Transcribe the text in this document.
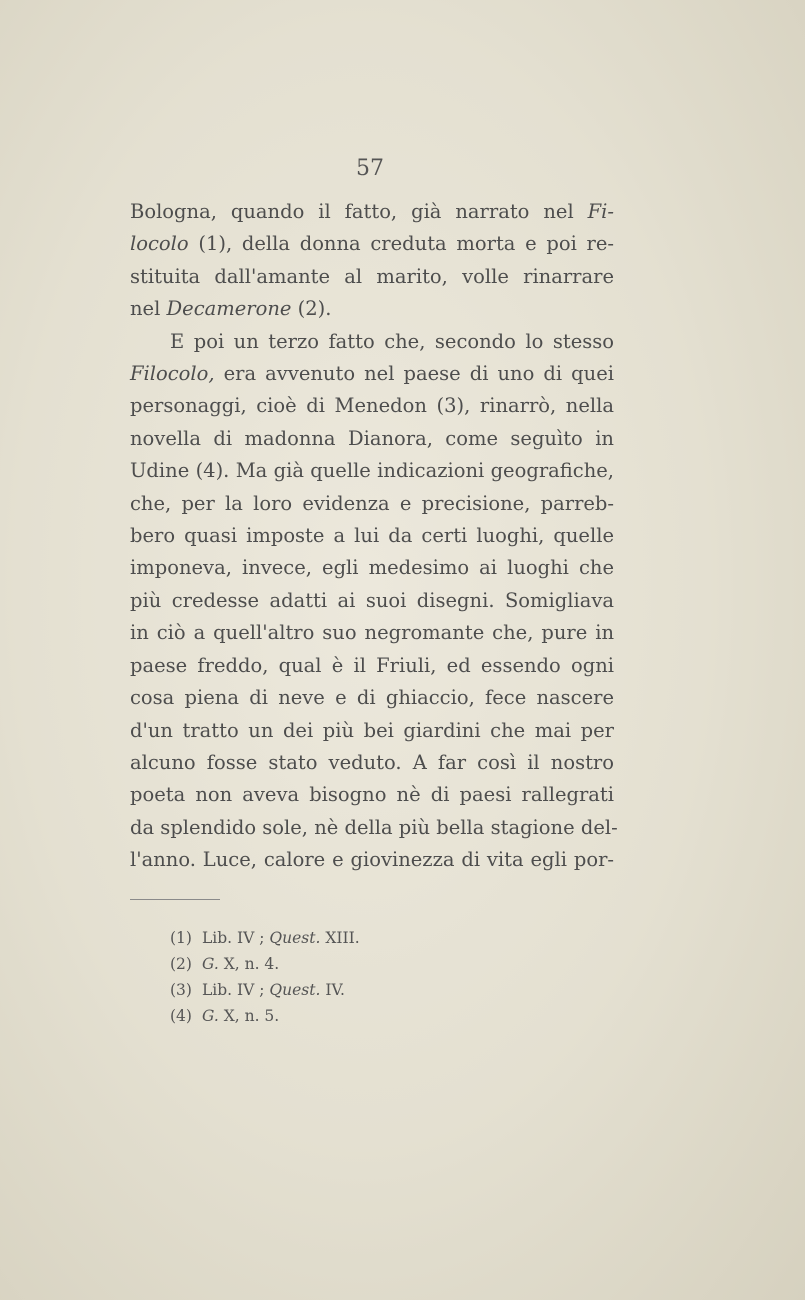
57
Bologna, quando il fatto, già narrato nel Fi-
locolo (1), della donna creduta morta e poi re-
stituita dall'amante al marito, volle rinarrare
nel Decamerone (2).
E poi un terzo fatto che, secondo lo stesso
Filocolo, era avvenuto nel paese di uno di quei
personaggi, cioè di Menedon (3), rinarrò, nella
novella di madonna Dianora, come seguìto in
Udine (4). Ma già quelle indicazioni geografiche,
che, per la loro evidenza e precisione, parreb-
bero quasi imposte a lui da certi luoghi, quelle
imponeva, invece, egli medesimo ai luoghi che
più credesse adatti ai suoi disegni. Somigliava
in ciò a quell'altro suo negromante che, pure in
paese freddo, qual è il Friuli, ed essendo ogni
cosa piena di neve e di ghiaccio, fece nascere
d'un tratto un dei più bei giardini che mai per
alcuno fosse stato veduto. A far così il nostro
poeta non aveva bisogno nè di paesi rallegrati
da splendido sole, nè della più bella stagione del-
l'anno. Luce, calore e giovinezza di vita egli por-
(1) Lib. IV ; Quest. XIII.
(2) G. X, n. 4.
(3) Lib. IV ; Quest. IV.
(4) G. X, n. 5.
